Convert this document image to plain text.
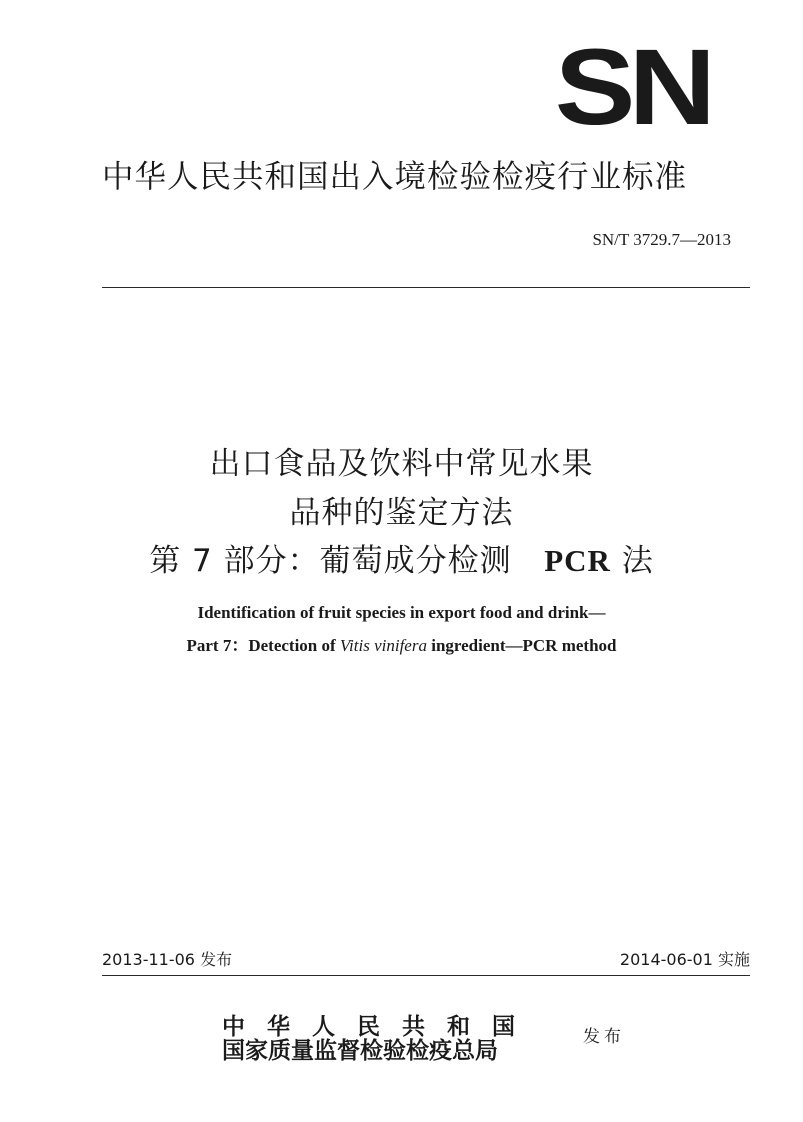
SN
中华人民共和国出入境检验检疫行业标准
SN/T 3729.7—2013
出口食品及饮料中常见水果
品种的鉴定方法
第 7 部分：葡萄成分检测 PCR 法
Identification of fruit species in export food and drink—
Part 7：Detection of Vitis vinifera ingredient—PCR method
2013-11-06 发布	2014-06-01 实施
中华人民共和国
国家质量监督检验检疫总局	发布
